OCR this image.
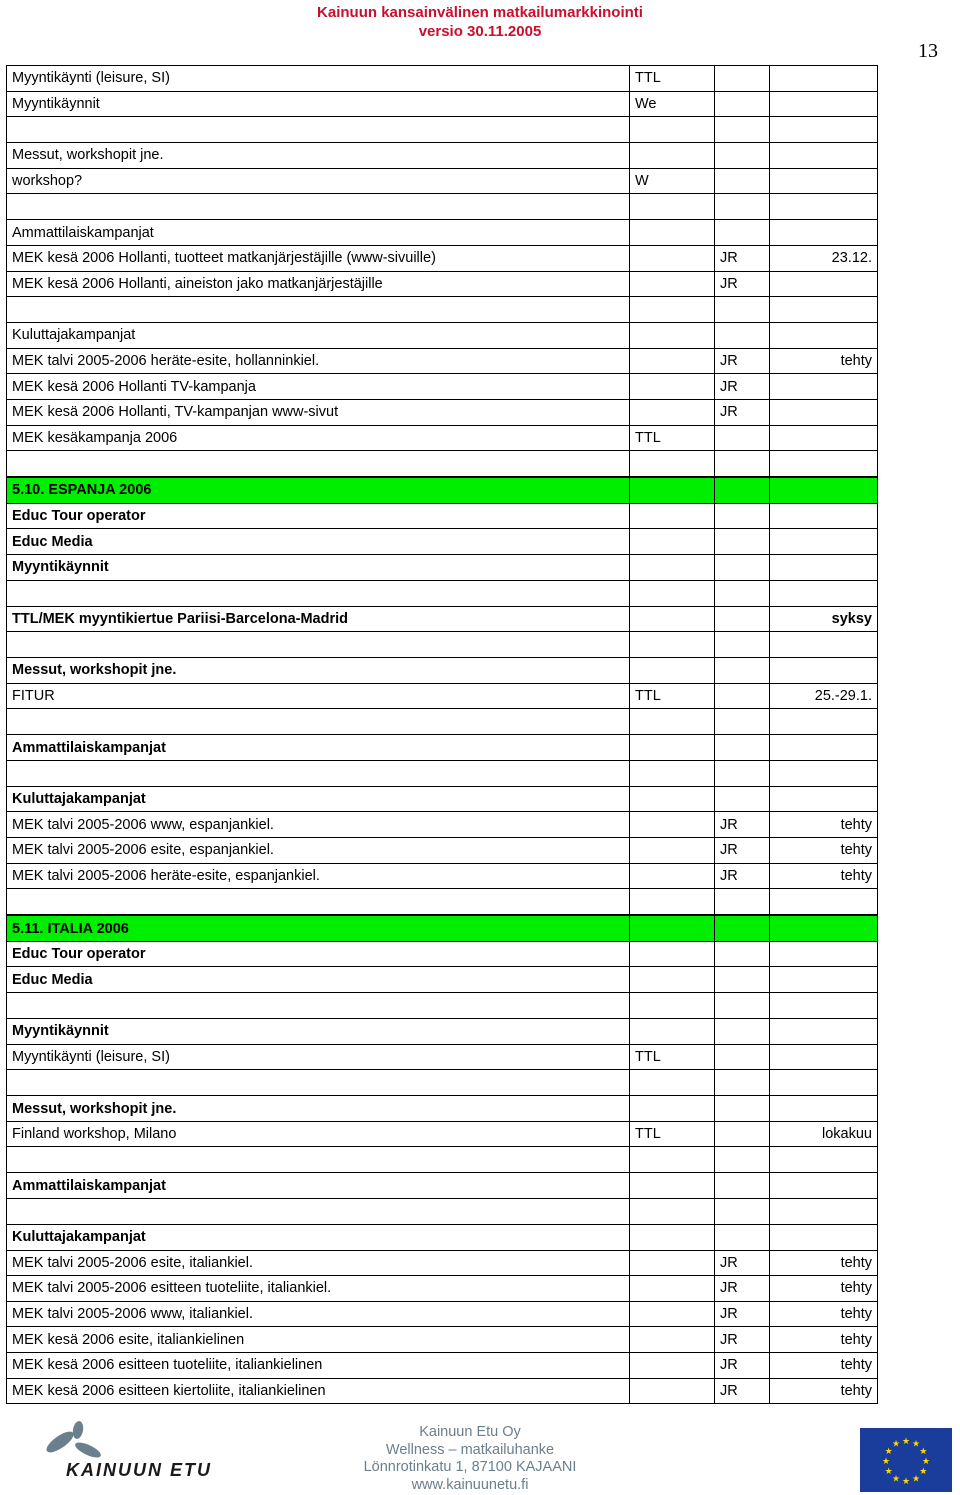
Kainuun kansainvälinen matkailumarkkinointi
versio 30.11.2005
13
Myyntikäynti (leisure, SI)	TTL		
Myyntikäynnit	We		

Messut, workshopit jne.			
workshop?	W		

Ammattilaiskampanjat			
MEK kesä 2006 Hollanti, tuotteet matkanjärjestäjille (www-sivuille)		JR	23.12.
MEK kesä 2006 Hollanti, aineiston jako matkanjärjestäjille		JR	

Kuluttajakampanjat			
MEK talvi 2005-2006 heräte-esite, hollanninkiel.		JR	tehty
MEK kesä 2006 Hollanti TV-kampanja		JR	
MEK kesä 2006 Hollanti, TV-kampanjan www-sivut		JR	
MEK kesäkampanja 2006	TTL		

5.10. ESPANJA 2006			
Educ Tour operator			
Educ Media			
Myyntikäynnit			

TTL/MEK myyntikiertue Pariisi-Barcelona-Madrid			syksy

Messut, workshopit jne.			
FITUR	TTL		25.-29.1.

Ammattilaiskampanjat			

Kuluttajakampanjat			
MEK talvi 2005-2006 www, espanjankiel.		JR	tehty
MEK talvi 2005-2006 esite, espanjankiel.		JR	tehty
MEK talvi 2005-2006 heräte-esite, espanjankiel.		JR	tehty

5.11. ITALIA 2006			
Educ Tour operator			
Educ Media			

Myyntikäynnit			
Myyntikäynti (leisure, SI)	TTL		

Messut, workshopit jne.			
Finland workshop, Milano	TTL		lokakuu

Ammattilaiskampanjat			

Kuluttajakampanjat			
MEK talvi 2005-2006 esite, italiankiel.		JR	tehty
MEK talvi 2005-2006 esitteen tuoteliite, italiankiel.		JR	tehty
MEK talvi 2005-2006 www, italiankiel.		JR	tehty
MEK kesä 2006 esite, italiankielinen		JR	tehty
MEK kesä 2006 esitteen tuoteliite, italiankielinen		JR	tehty
MEK kesä 2006 esitteen kiertoliite, italiankielinen		JR	tehty
KAINUUN ETU
Kainuun Etu Oy
Wellness – matkailuhanke
Lönnrotinkatu 1, 87100 KAJAANI
www.kainuunetu.fi
★ ★
★
★
★
★
★
★
★
★
★
★
